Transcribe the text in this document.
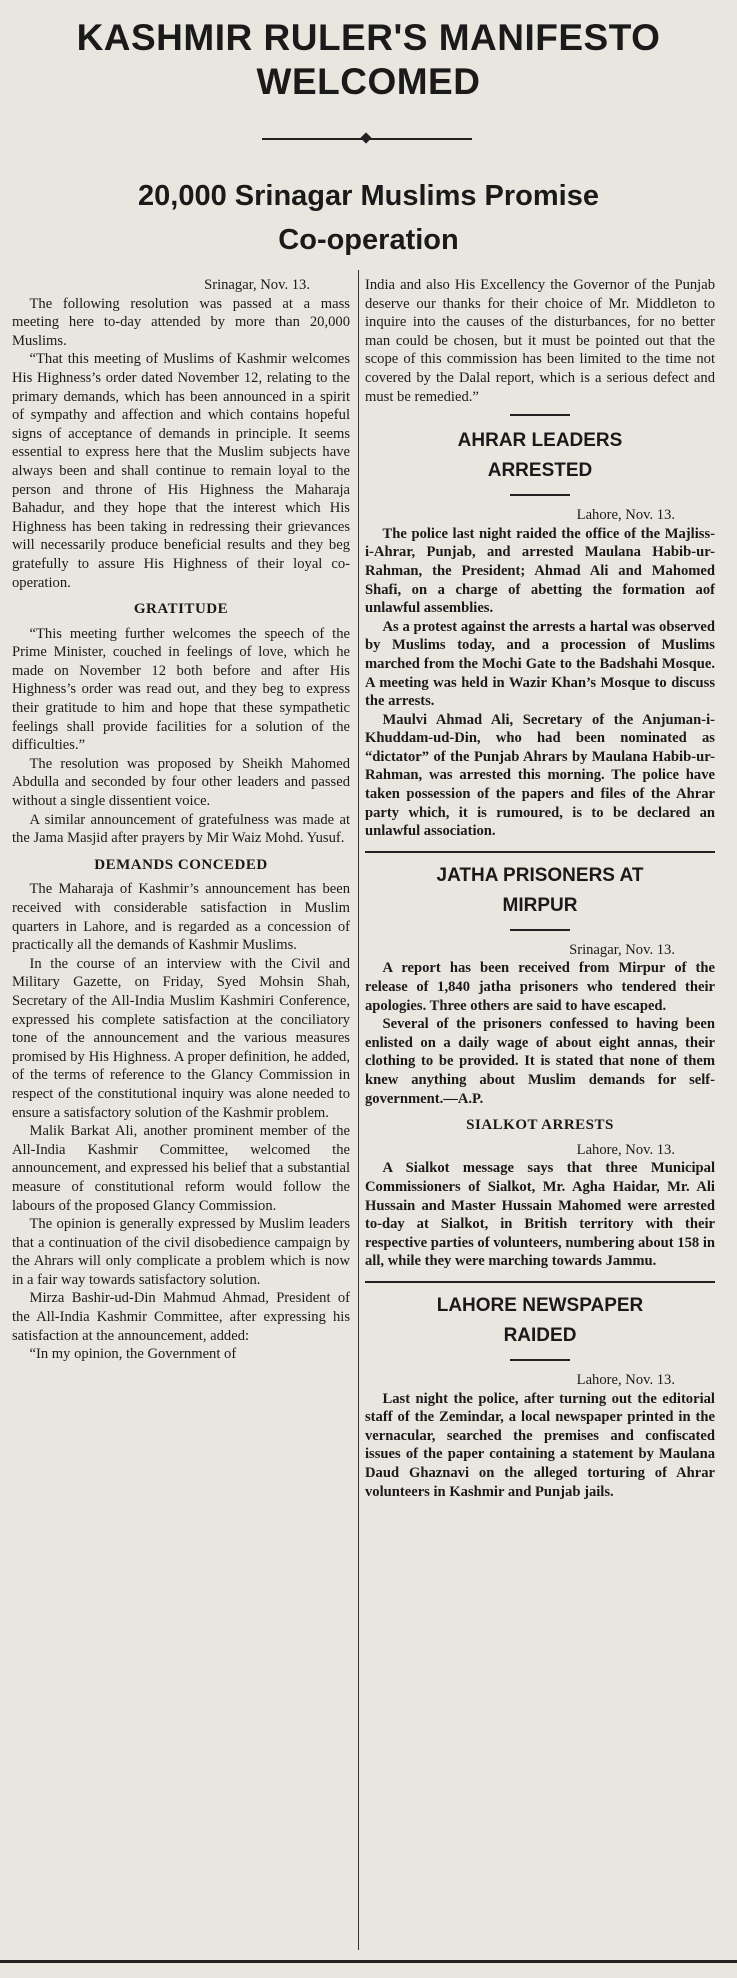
KASHMIR RULER'S MANIFESTO
WELCOMED
20,000 Srinagar Muslims Promise
Co-operation

Srinagar, Nov. 13.

The following resolution was passed at a mass meeting here to-day attended by more than 20,000 Muslims.

“That this meeting of Muslims of Kashmir welcomes His Highness’s order dated November 12, relating to the primary demands, which has been announced in a spirit of sympathy and affection and which contains hopeful signs of acceptance of demands in principle. It seems essential to express here that the Muslim subjects have always been and shall continue to remain loyal to the person and throne of His Highness the Maharaja Bahadur, and they hope that the interest which His Highness has been taking in redressing their grievances will necessarily produce beneficial results and they beg gratefully to assure His Highness of their loyal co-operation.

GRATITUDE

“This meeting further welcomes the speech of the Prime Minister, couched in feelings of love, which he made on November 12 both before and after His Highness’s order was read out, and they beg to express their gratitude to him and hope that these sympathetic feelings shall provide facilities for a solution of the difficulties.”

The resolution was proposed by Sheikh Mahomed Abdulla and seconded by four other leaders and passed without a single dissentient voice.

A similar announcement of gratefulness was made at the Jama Masjid after prayers by Mir Waiz Mohd. Yusuf.

DEMANDS CONCEDED

The Maharaja of Kashmir’s announcement has been received with considerable satisfaction in Muslim quarters in Lahore, and is regarded as a concession of practically all the demands of Kashmir Muslims.

In the course of an interview with the Civil and Military Gazette, on Friday, Syed Mohsin Shah, Secretary of the All-India Muslim Kashmiri Conference, expressed his complete satisfaction at the conciliatory tone of the announcement and the various measures promised by His Highness. A proper definition, he added, of the terms of reference to the Glancy Commission in respect of the constitutional inquiry was alone needed to ensure a satisfactory solution of the Kashmir problem.

Malik Barkat Ali, another prominent member of the All-India Kashmir Committee, welcomed the announcement, and expressed his belief that a substantial measure of constitutional reform would follow the labours of the proposed Glancy Commission.

The opinion is generally expressed by Muslim leaders that a continuation of the civil disobedience campaign by the Ahrars will only complicate a problem which is now in a fair way towards satisfactory solution.

Mirza Bashir-ud-Din Mahmud Ahmad, President of the All-India Kashmir Committee, after expressing his satisfaction at the announcement, added:

“In my opinion, the Government of

India and also His Excellency the Governor of the Punjab deserve our thanks for their choice of Mr. Middleton to inquire into the causes of the disturbances, for no better man could be chosen, but it must be pointed out that the scope of this commission has been limited to the time not covered by the Dalal report, which is a serious defect and must be remedied.”

AHRAR LEADERS
ARRESTED

Lahore, Nov. 13.

The police last night raided the office of the Majliss-i-Ahrar, Punjab, and arrested Maulana Habib-ur-Rahman, the President; Ahmad Ali and Mahomed Shafi, on a charge of abetting the formation aof unlawful assemblies.

As a protest against the arrests a hartal was observed by Muslims today, and a procession of Muslims marched from the Mochi Gate to the Badshahi Mosque. A meeting was held in Wazir Khan’s Mosque to discuss the arrests.

Maulvi Ahmad Ali, Secretary of the Anjuman-i-Khuddam-ud-Din, who had been nominated as “dictator” of the Punjab Ahrars by Maulana Habib-ur-Rahman, was arrested this morning. The police have taken possession of the papers and files of the Ahrar party which, it is rumoured, is to be declared an unlawful association.

JATHA PRISONERS AT
MIRPUR

Srinagar, Nov. 13.

A report has been received from Mirpur of the release of 1,840 jatha prisoners who tendered their apologies. Three others are said to have escaped.

Several of the prisoners confessed to having been enlisted on a daily wage of about eight annas, their clothing to be provided. It is stated that none of them knew anything about Muslim demands for self-government.—A.P.

SIALKOT ARRESTS

Lahore, Nov. 13.

A Sialkot message says that three Municipal Commissioners of Sialkot, Mr. Agha Haidar, Mr. Ali Hussain and Master Hussain Mahomed were arrested to-day at Sialkot, in British territory with their respective parties of volunteers, numbering about 158 in all, while they were marching towards Jammu.

LAHORE NEWSPAPER
RAIDED

Lahore, Nov. 13.

Last night the police, after turning out the editorial staff of the Zemindar, a local newspaper printed in the vernacular, searched the premises and confiscated issues of the paper containing a statement by Maulana Daud Ghaznavi on the alleged torturing of Ahrar volunteers in Kashmir and Punjab jails.
